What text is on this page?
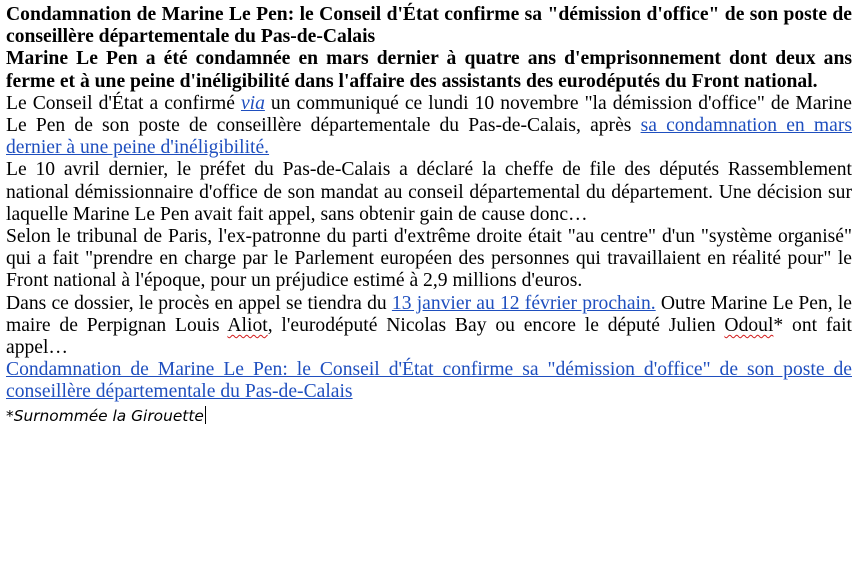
Condamnation de Marine Le Pen: le Conseil d'État confirme sa "démission d'office" de son poste de conseillère départementale du Pas-de-Calais

Marine Le Pen a été condamnée en mars dernier à quatre ans d'emprisonnement dont deux ans ferme et à une peine d'inéligibilité dans l'affaire des assistants des eurodéputés du Front national.

Le Conseil d'État a confirmé via un communiqué ce lundi 10 novembre "la démission d'office" de Marine Le Pen de son poste de conseillère départementale du Pas-de-Calais, après sa condamnation en mars dernier à une peine d'inéligibilité.

Le 10 avril dernier, le préfet du Pas-de-Calais a déclaré la cheffe de file des députés Rassemblement national démissionnaire d'office de son mandat au conseil départemental du département. Une décision sur laquelle Marine Le Pen avait fait appel, sans obtenir gain de cause donc…

Selon le tribunal de Paris, l'ex-patronne du parti d'extrême droite était "au centre" d'un "système organisé" qui a fait "prendre en charge par le Parlement européen des personnes qui travaillaient en réalité pour" le Front national à l'époque, pour un préjudice estimé à 2,9 millions d'euros.

Dans ce dossier, le procès en appel se tiendra du 13 janvier au 12 février prochain. Outre Marine Le Pen, le maire de Perpignan Louis Aliot, l'eurodéputé Nicolas Bay ou encore le député Julien Odoul* ont fait appel…

Condamnation de Marine Le Pen: le Conseil d'État confirme sa "démission d'office" de son poste de conseillère départementale du Pas-de-Calais

*Surnommée la Girouette
